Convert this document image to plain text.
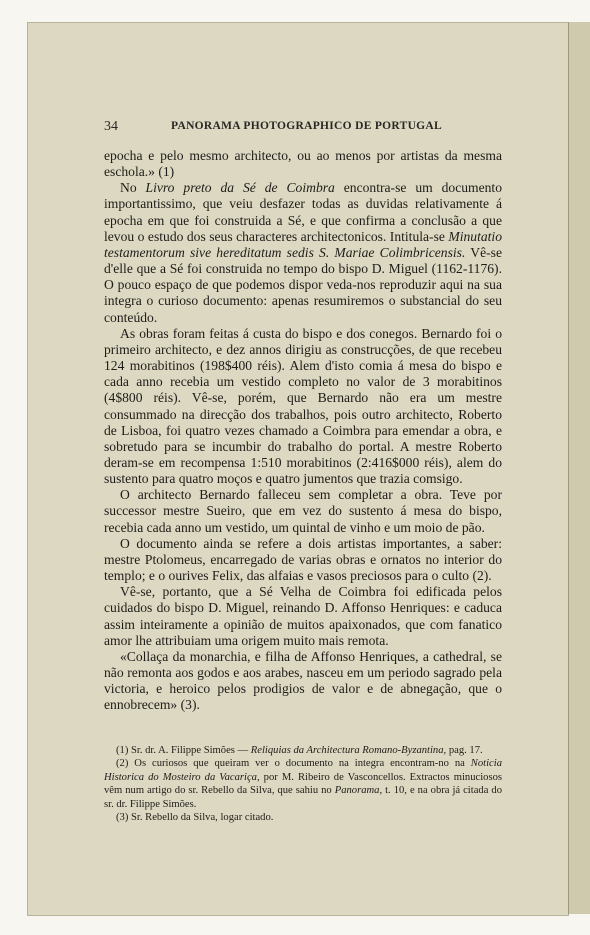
34	PANORAMA PHOTOGRAPHICO DE PORTUGAL

epocha e pelo mesmo architecto, ou ao menos por artistas da mesma eschola.» (1)

No Livro preto da Sé de Coimbra encontra-se um documento importantissimo, que veiu desfazer todas as duvidas relativamente á epocha em que foi construida a Sé, e que confirma a conclusão a que levou o estudo dos seus characteres architectonicos. Intitula-se Minutatio testamentorum sive hereditatum sedis S. Mariae Colimbricensis. Vê-se d'elle que a Sé foi construida no tempo do bispo D. Miguel (1162-1176). O pouco espaço de que podemos dispor veda-nos reproduzir aqui na sua integra o curioso documento: apenas resumiremos o substancial do seu conteúdo.

As obras foram feitas á custa do bispo e dos conegos. Bernardo foi o primeiro architecto, e dez annos dirigiu as construcções, de que recebeu 124 morabitinos (198$400 réis). Alem d'isto comia á mesa do bispo e cada anno recebia um vestido completo no valor de 3 morabitinos (4$800 réis). Vê-se, porém, que Bernardo não era um mestre consummado na direcção dos trabalhos, pois outro architecto, Roberto de Lisboa, foi quatro vezes chamado a Coimbra para emendar a obra, e sobretudo para se incumbir do trabalho do portal. A mestre Roberto deram-se em recompensa 1:510 morabitinos (2:416$000 réis), alem do sustento para quatro moços e quatro jumentos que trazia comsigo.

O architecto Bernardo falleceu sem completar a obra. Teve por successor mestre Sueiro, que em vez do sustento á mesa do bispo, recebia cada anno um vestido, um quintal de vinho e um moio de pão.

O documento ainda se refere a dois artistas importantes, a saber: mestre Ptolomeus, encarregado de varias obras e ornatos no interior do templo; e o ourives Felix, das alfaias e vasos preciosos para o culto (2).

Vê-se, portanto, que a Sé Velha de Coimbra foi edificada pelos cuidados do bispo D. Miguel, reinando D. Affonso Henriques: e caduca assim inteiramente a opinião de muitos apaixonados, que com fanatico amor lhe attribuiam uma origem muito mais remota.

«Collaça da monarchia, e filha de Affonso Henriques, a cathedral, se não remonta aos godos e aos arabes, nasceu em um periodo sagrado pela victoria, e heroico pelos prodigios de valor e de abnegação, que o ennobrecem» (3).

(1) Sr. dr. A. Filippe Simões — Reliquias da Architectura Romano-Byzantina, pag. 17.

(2) Os curiosos que queiram ver o documento na integra encontram-no na Noticia Historica do Mosteiro da Vacariça, por M. Ribeiro de Vasconcellos. Extractos minuciosos vêm num artigo do sr. Rebello da Silva, que sahiu no Panorama, t. 10, e na obra já citada do sr. dr. Filippe Simões.

(3) Sr. Rebello da Silva, logar citado.
